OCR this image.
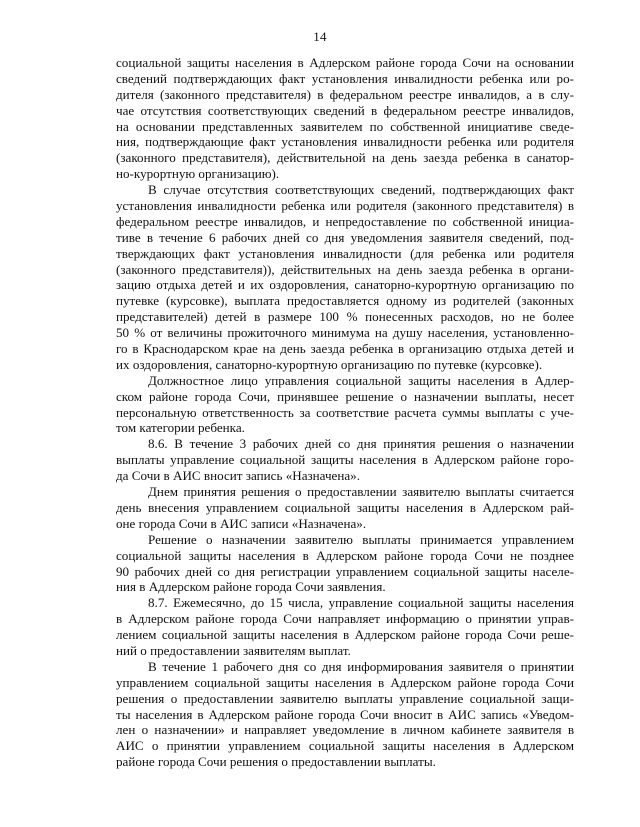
14
социальной защиты населения в Адлерском районе города Сочи на основании
сведений подтверждающих факт установления инвалидности ребенка или ро-
дителя (законного представителя) в федеральном реестре инвалидов, а в слу-
чае отсутствия соответствующих сведений в федеральном реестре инвалидов,
на основании представленных заявителем по собственной инициативе сведе-
ния, подтверждающие факт установления инвалидности ребенка или родителя
(законного представителя), действительной на день заезда ребенка в санатор-
но-курортную организацию).
В случае отсутствия соответствующих сведений, подтверждающих факт
установления инвалидности ребенка или родителя (законного представителя) в
федеральном реестре инвалидов, и непредоставление по собственной инициа-
тиве в течение 6 рабочих дней со дня уведомления заявителя сведений, под-
тверждающих факт установления инвалидности (для ребенка или родителя
(законного представителя)), действительных на день заезда ребенка в органи-
зацию отдыха детей и их оздоровления, санаторно-курортную организацию по
путевке (курсовке), выплата предоставляется одному из родителей (законных
представителей) детей в размере 100 % понесенных расходов, но не более
50 % от величины прожиточного минимума на душу населения, установленно-
го в Краснодарском крае на день заезда ребенка в организацию отдыха детей и
их оздоровления, санаторно-курортную организацию по путевке (курсовке).
Должностное лицо управления социальной защиты населения в Адлер-
ском районе города Сочи, принявшее решение о назначении выплаты, несет
персональную ответственность за соответствие расчета суммы выплаты с уче-
том категории ребенка.
8.6. В течение 3 рабочих дней со дня принятия решения о назначении
выплаты управление социальной защиты населения в Адлерском районе горо-
да Сочи в АИС вносит запись «Назначена».
Днем принятия решения о предоставлении заявителю выплаты считается
день внесения управлением социальной защиты населения в Адлерском рай-
оне города Сочи в АИС записи «Назначена».
Решение о назначении заявителю выплаты принимается управлением
социальной защиты населения в Адлерском районе города Сочи не позднее
90 рабочих дней со дня регистрации управлением социальной защиты населе-
ния в Адлерском районе города Сочи заявления.
8.7. Ежемесячно, до 15 числа, управление социальной защиты населения
в Адлерском районе города Сочи направляет информацию о принятии управ-
лением социальной защиты населения в Адлерском районе города Сочи реше-
ний о предоставлении заявителям выплат.
В течение 1 рабочего дня со дня информирования заявителя о принятии
управлением социальной защиты населения в Адлерском районе города Сочи
решения о предоставлении заявителю выплаты управление социальной защи-
ты населения в Адлерском районе города Сочи вносит в АИС запись «Уведом-
лен о назначении» и направляет уведомление в личном кабинете заявителя в
АИС о принятии управлением социальной защиты населения в Адлерском
районе города Сочи решения о предоставлении выплаты.
